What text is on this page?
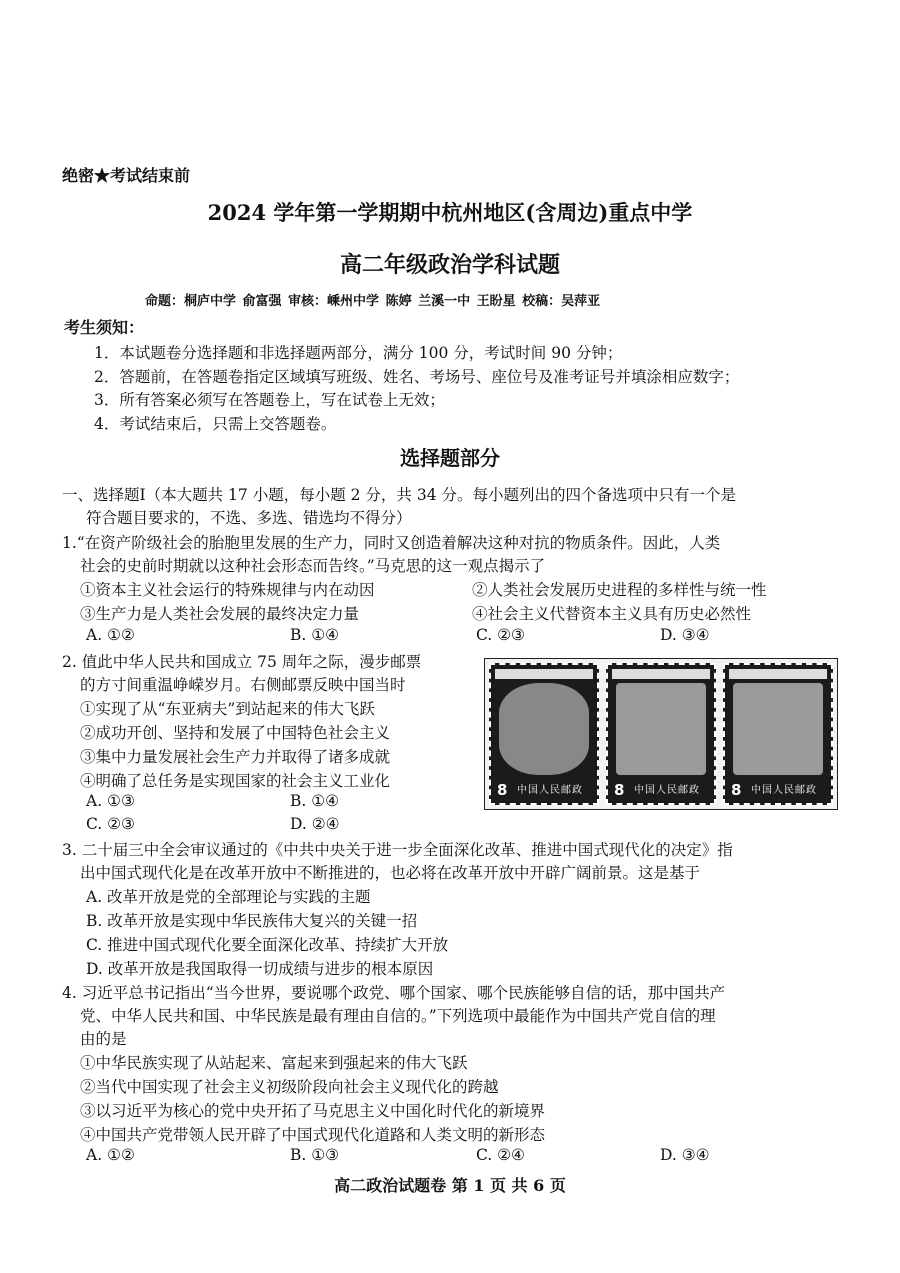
绝密★考试结束前
2024 学年第一学期期中杭州地区(含周边)重点中学
高二年级政治学科试题
命题：桐庐中学 俞富强 审核：嵊州中学 陈婷 兰溪一中 王盼星 校稿：吴萍亚
考生须知：
1．本试题卷分选择题和非选择题两部分，满分 100 分，考试时间 90 分钟；
2．答题前，在答题卷指定区域填写班级、姓名、考场号、座位号及准考证号并填涂相应数字；
3．所有答案必须写在答题卷上，写在试卷上无效；
4．考试结束后，只需上交答题卷。
选择题部分
一、选择题Ⅰ（本大题共 17 小题，每小题 2 分，共 34 分。每小题列出的四个备选项中只有一个是
符合题目要求的，不选、多选、错选均不得分）
1.“在资产阶级社会的胎胞里发展的生产力，同时又创造着解决这种对抗的物质条件。因此，人类
社会的史前时期就以这种社会形态而告终。”马克思的这一观点揭示了
①资本主义社会运行的特殊规律与内在动因	②人类社会发展历史进程的多样性与统一性
③生产力是人类社会发展的最终决定力量	④社会主义代替资本主义具有历史必然性
A. ①②	B. ①④	C. ②③	D. ③④
2. 值此中华人民共和国成立 75 周年之际，漫步邮票
的方寸间重温峥嵘岁月。右侧邮票反映中国当时
①实现了从“东亚病夫”到站起来的伟大飞跃
②成功开创、坚持和发展了中国特色社会主义
③集中力量发展社会生产力并取得了诸多成就
④明确了总任务是实现国家的社会主义工业化
A. ①③	B. ①④
C. ②③	D. ②④
8 中国人民邮政 8 中国人民邮政 8 中国人民邮政
3. 二十届三中全会审议通过的《中共中央关于进一步全面深化改革、推进中国式现代化的决定》指
出中国式现代化是在改革开放中不断推进的，也必将在改革开放中开辟广阔前景。这是基于
A. 改革开放是党的全部理论与实践的主题
B. 改革开放是实现中华民族伟大复兴的关键一招
C. 推进中国式现代化要全面深化改革、持续扩大开放
D. 改革开放是我国取得一切成绩与进步的根本原因
4. 习近平总书记指出“当今世界，要说哪个政党、哪个国家、哪个民族能够自信的话，那中国共产
党、中华人民共和国、中华民族是最有理由自信的。”下列选项中最能作为中国共产党自信的理
由的是
①中华民族实现了从站起来、富起来到强起来的伟大飞跃
②当代中国实现了社会主义初级阶段向社会主义现代化的跨越
③以习近平为核心的党中央开拓了马克思主义中国化时代化的新境界
④中国共产党带领人民开辟了中国式现代化道路和人类文明的新形态
A. ①②	B. ①③	C. ②④	D. ③④
高二政治试题卷 第 1 页 共 6 页
